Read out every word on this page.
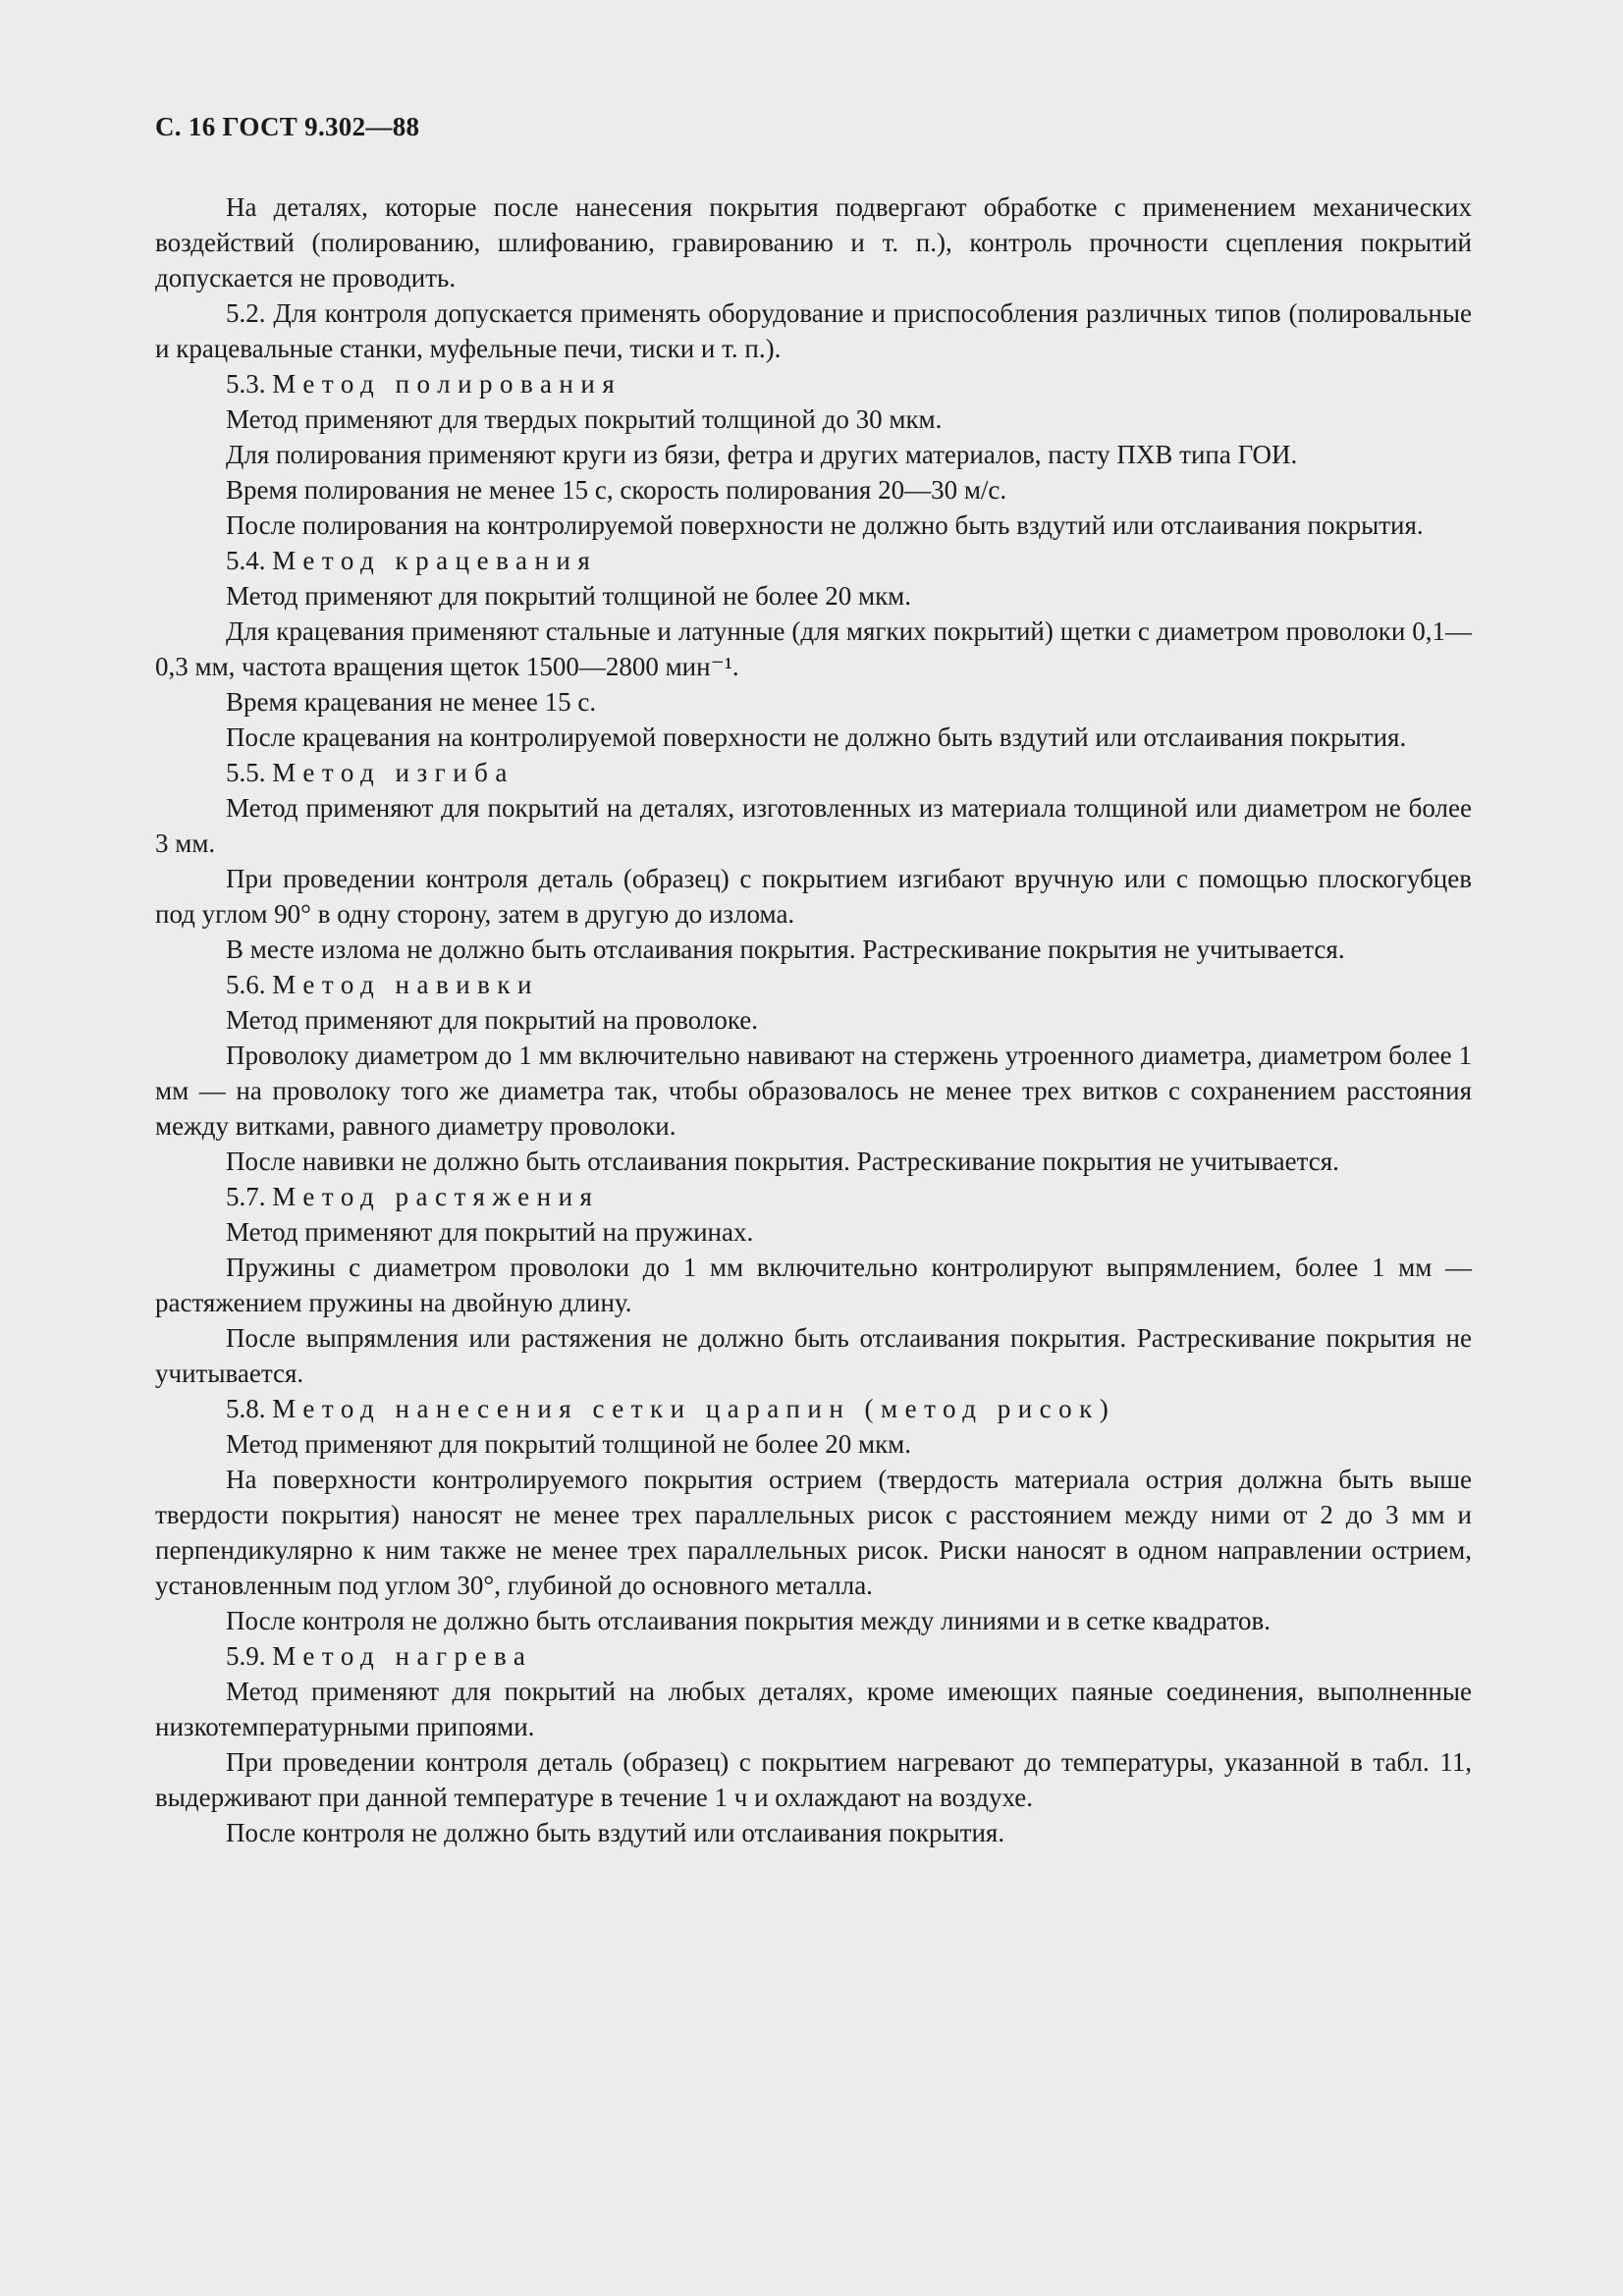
С. 16 ГОСТ 9.302—88
На деталях, которые после нанесения покрытия подвергают обработке с применением механических воздействий (полированию, шлифованию, гравированию и т. п.), контроль прочности сцепления покрытий допускается не проводить.
5.2. Для контроля допускается применять оборудование и приспособления различных типов (полировальные и крацевальные станки, муфельные печи, тиски и т. п.).
5.3. Метод полирования
Метод применяют для твердых покрытий толщиной до 30 мкм.
Для полирования применяют круги из бязи, фетра и других материалов, пасту ПХВ типа ГОИ.
Время полирования не менее 15 с, скорость полирования 20—30 м/с.
После полирования на контролируемой поверхности не должно быть вздутий или отслаивания покрытия.
5.4. Метод крацевания
Метод применяют для покрытий толщиной не более 20 мкм.
Для крацевания применяют стальные и латунные (для мягких покрытий) щетки с диаметром проволоки 0,1—0,3 мм, частота вращения щеток 1500—2800 мин⁻¹.
Время крацевания не менее 15 с.
После крацевания на контролируемой поверхности не должно быть вздутий или отслаивания покрытия.
5.5. Метод изгиба
Метод применяют для покрытий на деталях, изготовленных из материала толщиной или диаметром не более 3 мм.
При проведении контроля деталь (образец) с покрытием изгибают вручную или с помощью плоскогубцев под углом 90° в одну сторону, затем в другую до излома.
В месте излома не должно быть отслаивания покрытия. Растрескивание покрытия не учитывается.
5.6. Метод навивки
Метод применяют для покрытий на проволоке.
Проволоку диаметром до 1 мм включительно навивают на стержень утроенного диаметра, диаметром более 1 мм — на проволоку того же диаметра так, чтобы образовалось не менее трех витков с сохранением расстояния между витками, равного диаметру проволоки.
После навивки не должно быть отслаивания покрытия. Растрескивание покрытия не учитывается.
5.7. Метод растяжения
Метод применяют для покрытий на пружинах.
Пружины с диаметром проволоки до 1 мм включительно контролируют выпрямлением, более 1 мм — растяжением пружины на двойную длину.
После выпрямления или растяжения не должно быть отслаивания покрытия. Растрескивание покрытия не учитывается.
5.8. Метод нанесения сетки царапин (метод рисок)
Метод применяют для покрытий толщиной не более 20 мкм.
На поверхности контролируемого покрытия острием (твердость материала острия должна быть выше твердости покрытия) наносят не менее трех параллельных рисок с расстоянием между ними от 2 до 3 мм и перпендикулярно к ним также не менее трех параллельных рисок. Риски наносят в одном направлении острием, установленным под углом 30°, глубиной до основного металла.
После контроля не должно быть отслаивания покрытия между линиями и в сетке квадратов.
5.9. Метод нагрева
Метод применяют для покрытий на любых деталях, кроме имеющих паяные соединения, выполненные низкотемпературными припоями.
При проведении контроля деталь (образец) с покрытием нагревают до температуры, указанной в табл. 11, выдерживают при данной температуре в течение 1 ч и охлаждают на воздухе.
После контроля не должно быть вздутий или отслаивания покрытия.
